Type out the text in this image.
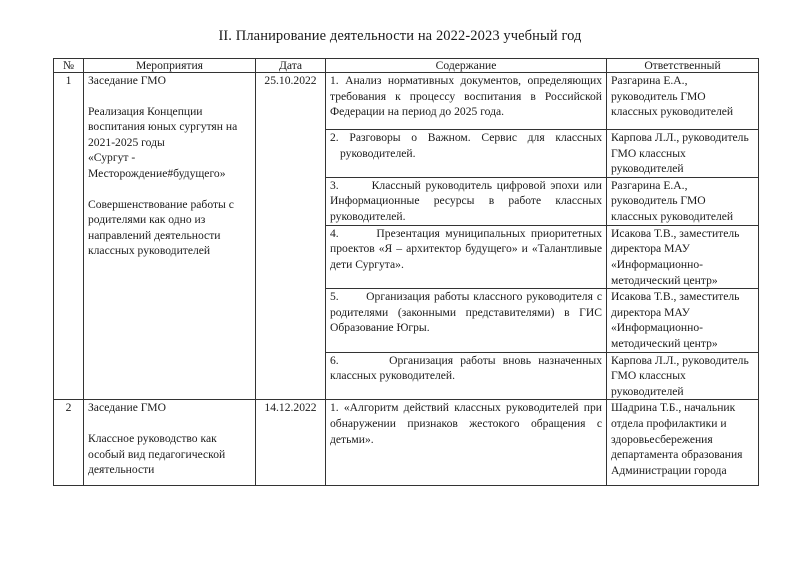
II. Планирование деятельности на 2022-2023 учебный год
№	Мероприятия	Дата	Содержание	Ответственный
1	Заседание ГМО
Реализация Концепции воспитания юных сургутян на 2021-2025 годы
«Сургут - Месторождение#будущего»
Совершенствование работы с родителями как одно из направлений деятельности классных руководителей	25.10.2022	1. Анализ нормативных документов, определяющих требования к процессу воспитания в Российской Федерации на период до 2025 года.	Разгарина Е.А., руководитель ГМО классных руководителей
			2. Разговоры о Важном. Сервис для классных руководителей.	Карпова Л.Л., руководитель ГМО классных руководителей
			3.       Классный руководитель цифровой эпохи или Информационные ресурсы в работе классных руководителей.	Разгарина Е.А., руководитель ГМО классных руководителей
			4.       Презентация муниципальных приоритетных проектов «Я – архитектор будущего» и «Талантливые дети Сургута».	Исакова Т.В., заместитель директора МАУ «Информационно-методический центр»
			5.       Организация работы классного руководителя с родителями (законными представителями) в ГИС Образование Югры.	Исакова Т.В., заместитель директора МАУ «Информационно-методический центр»
			6.       Организация работы вновь назначенных классных руководителей.	Карпова Л.Л., руководитель ГМО классных руководителей
2	Заседание ГМО
Классное руководство как особый вид педагогической деятельности	14.12.2022	1. «Алгоритм действий классных руководителей при обнаружении признаков жестокого обращения с детьми».	Шадрина Т.Б., начальник отдела профилактики и здоровьесбережения департамента образования Администрации города
